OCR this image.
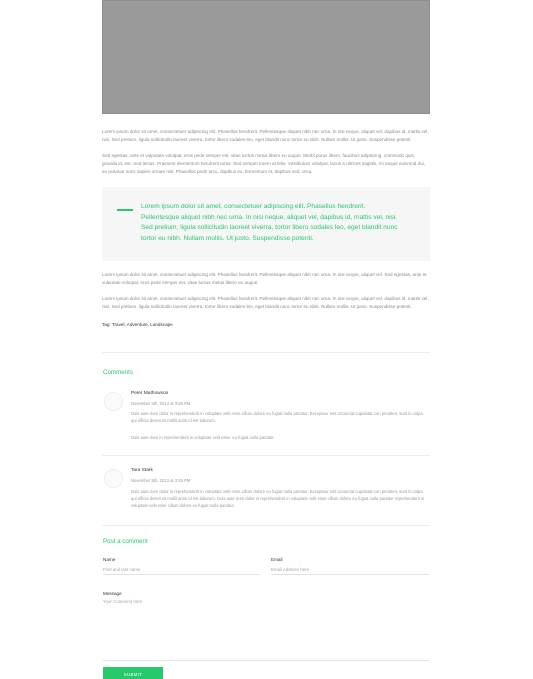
Lorem ipsum dolor sit amet, consectetuer adipiscing elit. Phasellus hendrerit. Pellentesque aliquet nibh nec urna. In nisi neque, aliquet vel, dapibus id, mattis vel, nisi. Sed pretium, ligula sollicitudin laoreet viverra, tortor libero sodales leo, eget blandit nunc tortor eu nibh. Nullam mollis. Ut justo. Suspendisse potenti.

Sed egestas, ante et vulputate volutpat, eros pede semper est, vitae luctus metus libero eu augue. Morbi purus libero, faucibus adipiscing, commodo quis, gravida id, est. Sed lectus. Praesent elementum hendrerit tortor. Sed semper lorem at felis. Vestibulum volutpat, lacus a ultrices sagittis, mi neque euismod dui, eu pulvinar nunc sapien ornare nisl. Phasellus pede arcu, dapibus eu, fermentum et, dapibus sed, urna.

Lorem ipsum dolor sit amet, consectetuer adipiscing elit. Phasellus hendrerit. Pellentesque aliquet nibh nec urna. In nisi neque, aliquet vel, dapibus id, mattis vel, nisi. Sed pretium, ligula sollicitudin laoreet viverra, tortor libero sodales leo, eget blandit nunc tortor eu nibh. Nullam mollis. Ut justo. Suspendisse potenti.

Lorem ipsum dolor sit amet, consectetuer adipiscing elit. Phasellus hendrerit. Pellentesque aliquet nibh nec urna. In nisi neque, aliquet vel. Sed egestas, ante et vulputate volutpat, eros pede semper est, vitae luctus metus libero eu augue.

Lorem ipsum dolor sit amet, consectetuer adipiscing elit. Phasellus hendrerit. Pellentesque aliquet nibh nec urna. In nisi neque, aliquet vel, dapibus id, mattis vel, nisi. Sed pretium, ligula sollicitudin laoreet viverra, tortor libero sodales leo, eget blandit nunc tortor eu nibh. Nullam mollis. Ut justo. Suspendisse potenti.

Tag: Travel, Adventure, Landscape
Comments
Peter Mathowson
November 5th, 2013 at 3:55 PM

Duis aute irure dolor in reprehenderit in voluptate velit esse cillum dolore eu fugiat nulla pariatur. Excepteur sint occaecat cupidatat non proident, sunt in culpa qui officia deserunt mollit anim id est laborum.

Duis aute irure in reprehenderit in voluptate velit esse. eu fugiat nulla pariatur.

Tara Stark
November 5th, 2013 at 3:55 PM

Duis aute irure dolor in reprehenderit in voluptate velit esse cillum dolore eu fugiat nulla pariatur. Excepteur sint occaecat cupidatat non proident, sunt in culpa qui officia deserunt mollit anim id est laborum. Duis aute irure dolor in reprehenderit in voluptate velit esse cillum dolore eu fugiat nulla pariatur reprehenderit in voluptate velit esse cillum dolore eu fugiat nulla pariatur.

Post a comment
Name
First and last name	Email
Email Address here
Message
Your Comment here
SUBMIT
